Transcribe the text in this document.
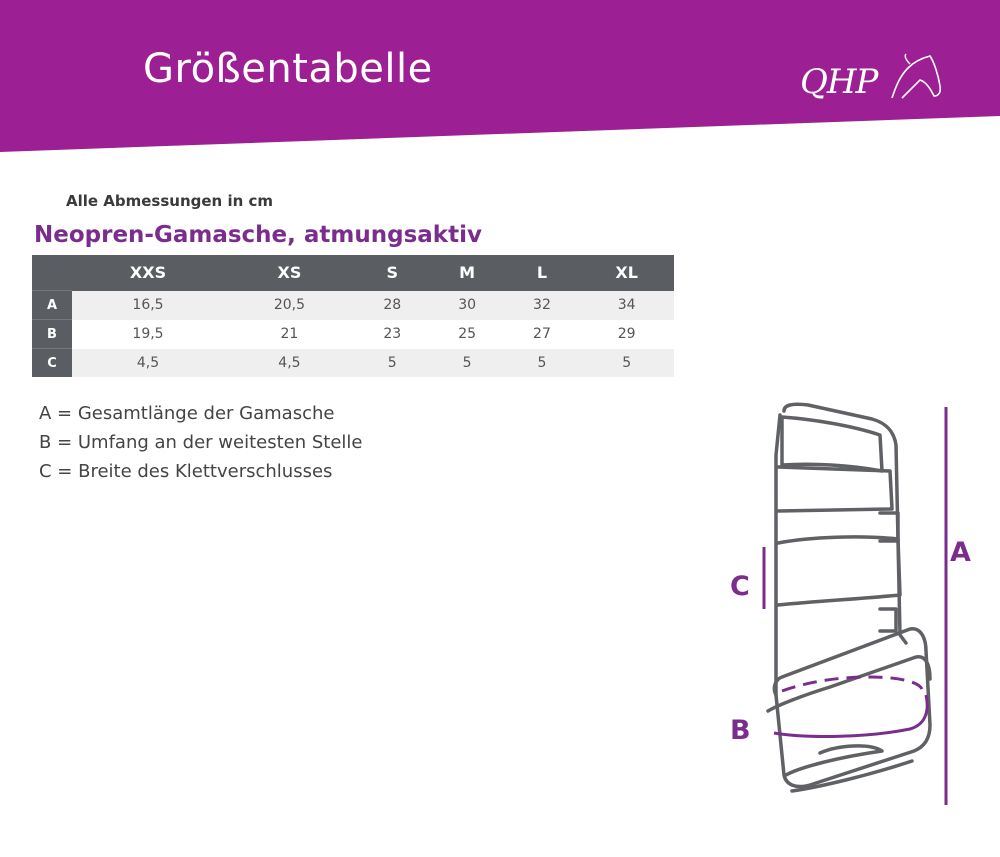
Größentabelle	QHP
Alle Abmessungen in cm
Neopren-Gamasche, atmungsaktiv
	XXS	XS	S	M	L	XL
A	16,5	20,5	28	30	32	34
B	19,5	21	23	25	27	29
C	4,5	4,5	5	5	5	5
A = Gesamtlänge der Gamasche
B = Umfang an der weitesten Stelle
C = Breite des Klettverschlusses
A
B
C
